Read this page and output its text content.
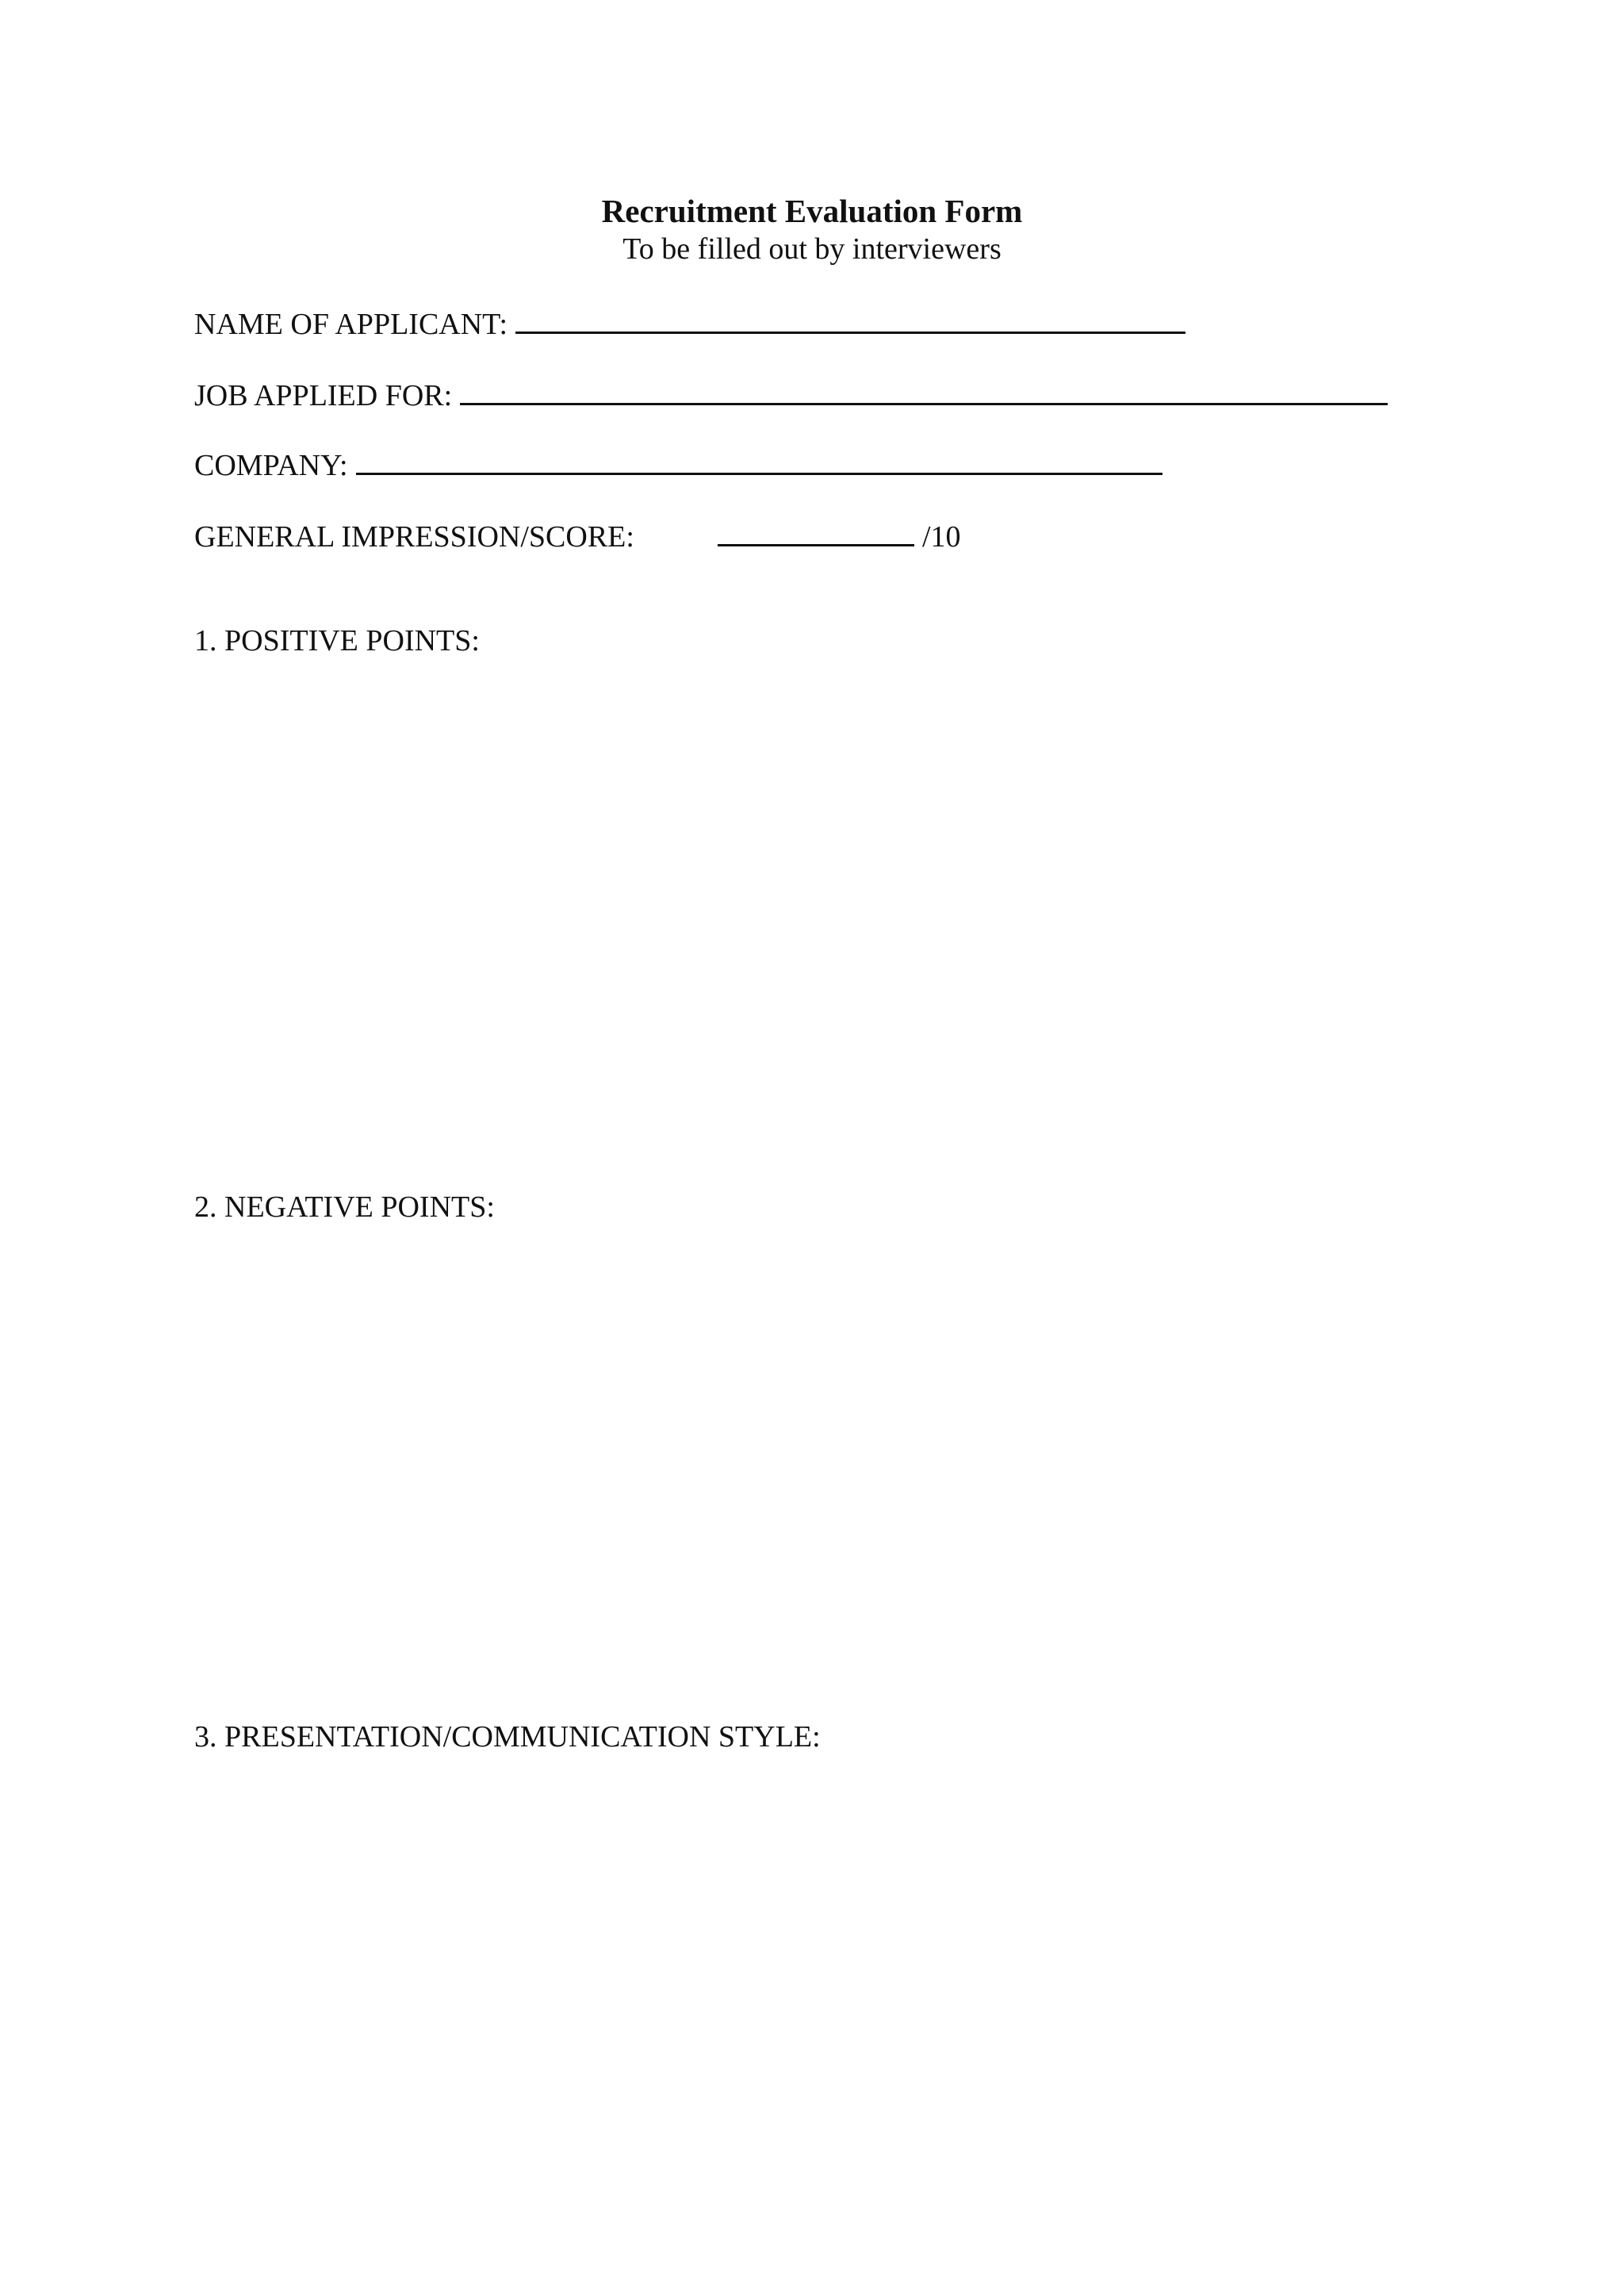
Recruitment Evaluation Form
To be filled out by interviewers
NAME OF APPLICANT:
JOB APPLIED FOR:
COMPANY:
GENERAL IMPRESSION/SCORE:	/10
1. POSITIVE POINTS:
2. NEGATIVE POINTS:
3. PRESENTATION/COMMUNICATION STYLE:
